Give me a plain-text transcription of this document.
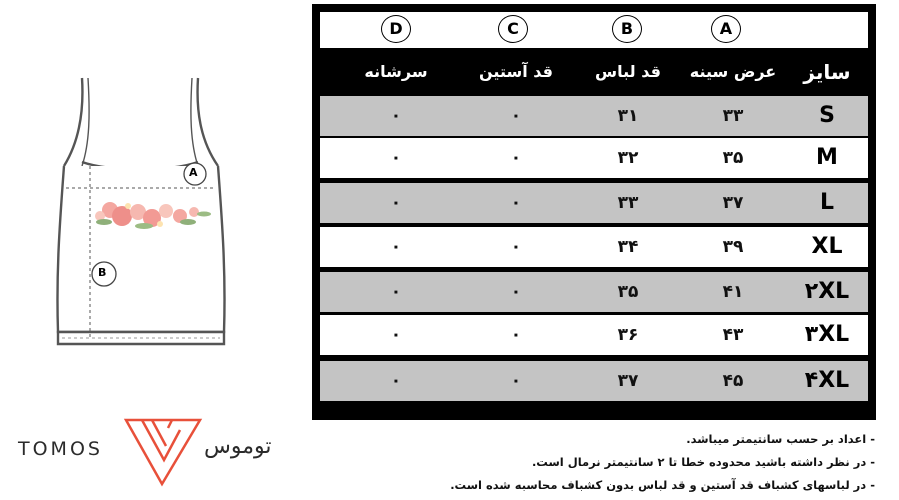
A
B
TOMOS	توموس
D	C	B	A
سرشانه	قد آستین	قد لباس	عرض سینه	سایز
۰	۰	۳۱	۳۳	S
۰	۰	۳۲	۳۵	M
۰	۰	۳۳	۳۷	L
۰	۰	۳۴	۳۹	XL
۰	۰	۳۵	۴۱	۲XL
۰	۰	۳۶	۴۳	۳XL
۰	۰	۳۷	۴۵	۴XL
- اعداد بر حسب سانتیمتر میباشد.
- در نظر داشته باشید محدوده خطا تا ۲ سانتیمتر نرمال است.
- در لباسهای کشباف قد آستین و قد لباس بدون کشباف محاسبه شده است.
